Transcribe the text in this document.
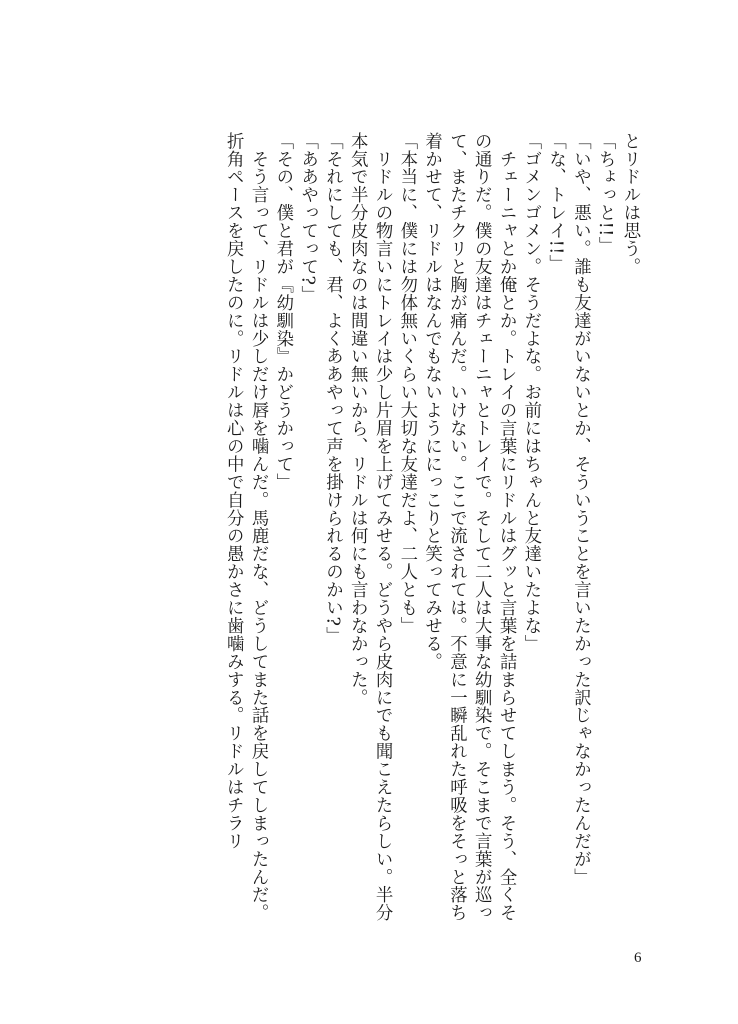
とリドルは思う。

「ちょっと!!」

「いや、悪い。誰も友達がいないとか、そういうことを言いたかった訳じゃなかったんだが」

「な、トレイ!!」

「ゴメンゴメン。そうだよな。お前にはちゃんと友達いたよな」

　チェーニャとか俺とか。トレイの言葉にリドルはグッと言葉を詰まらせてしまう。そう、全くその通りだ。僕の友達はチェーニャとトレイで。そして二人は大事な幼馴染で。そこまで言葉が巡って、またチクリと胸が痛んだ。いけない。ここで流されては。不意に一瞬乱れた呼吸をそっと落ち着かせて、リドルはなんでもないようににっこりと笑ってみせる。

「本当に、僕には勿体無いくらい大切な友達だよ、二人とも」

　リドルの物言いにトレイは少し片眉を上げてみせる。どうやら皮肉にでも聞こえたらしい。半分本気で半分皮肉なのは間違い無いから、リドルは何にも言わなかった。

「それにしても、君、よくああやって声を掛けられるのかい?」

「ああやってって?」

「その、僕と君が『幼馴染』かどうかって」

　そう言って、リドルは少しだけ唇を噛んだ。馬鹿だな、どうしてまた話を戻してしまったんだ。折角ペースを戻したのに。リドルは心の中で自分の愚かさに歯噛みする。リドルはチラリ

6
